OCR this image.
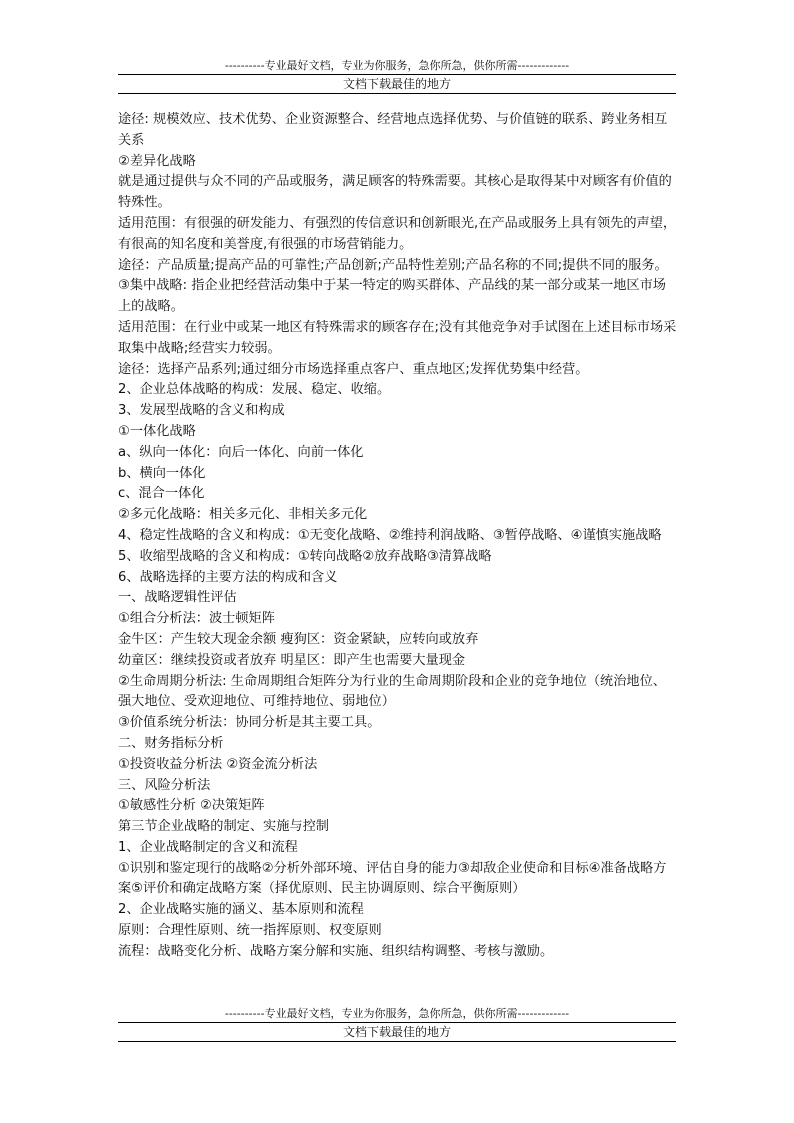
----------专业最好文档，专业为你服务，急你所急，供你所需-------------
文档下载最佳的地方

途径: 规模效应、技术优势、企业资源整合、经营地点选择优势、与价值链的联系、跨业务相互关系

②差异化战略

就是通过提供与众不同的产品或服务，满足顾客的特殊需要。其核心是取得某中对顾客有价值的特殊性。

适用范围：有很强的研发能力、有强烈的传信意识和创新眼光,在产品或服务上具有领先的声望，有很高的知名度和美誉度,有很强的市场营销能力。

途径：产品质量;提高产品的可靠性;产品创新;产品特性差别;产品名称的不同;提供不同的服务。

③集中战略: 指企业把经营活动集中于某一特定的购买群体、产品线的某一部分或某一地区市场上的战略。

适用范围：在行业中或某一地区有特殊需求的顾客存在;没有其他竞争对手试图在上述目标市场采取集中战略;经营实力较弱。

途径：选择产品系列;通过细分市场选择重点客户、重点地区;发挥优势集中经营。

2、企业总体战略的构成：发展、稳定、收缩。

3、发展型战略的含义和构成

①一体化战略

a、纵向一体化：向后一体化、向前一体化

b、横向一体化

c、混合一体化

②多元化战略：相关多元化、非相关多元化

4、稳定性战略的含义和构成：①无变化战略、②维持利润战略、③暂停战略、④谨慎实施战略

5、收缩型战略的含义和构成：①转向战略②放弃战略③清算战略

6、战略选择的主要方法的构成和含义

一、战略逻辑性评估

①组合分析法：波士顿矩阵

金牛区：产生较大现金余额 瘦狗区：资金紧缺，应转向或放弃

幼童区：继续投资或者放弃 明星区：即产生也需要大量现金

②生命周期分析法: 生命周期组合矩阵分为行业的生命周期阶段和企业的竞争地位（统治地位、强大地位、受欢迎地位、可维持地位、弱地位）

③价值系统分析法：协同分析是其主要工具。

二、财务指标分析

①投资收益分析法 ②资金流分析法

三、风险分析法

①敏感性分析 ②决策矩阵

第三节企业战略的制定、实施与控制

1、企业战略制定的含义和流程

①识别和鉴定现行的战略②分析外部环境、评估自身的能力③却敌企业使命和目标④准备战略方案⑤评价和确定战略方案（择优原则、民主协调原则、综合平衡原则）

2、企业战略实施的涵义、基本原则和流程

原则：合理性原则、统一指挥原则、权变原则

流程：战略变化分析、战略方案分解和实施、组织结构调整、考核与激励。

----------专业最好文档，专业为你服务，急你所急，供你所需-------------
文档下载最佳的地方
